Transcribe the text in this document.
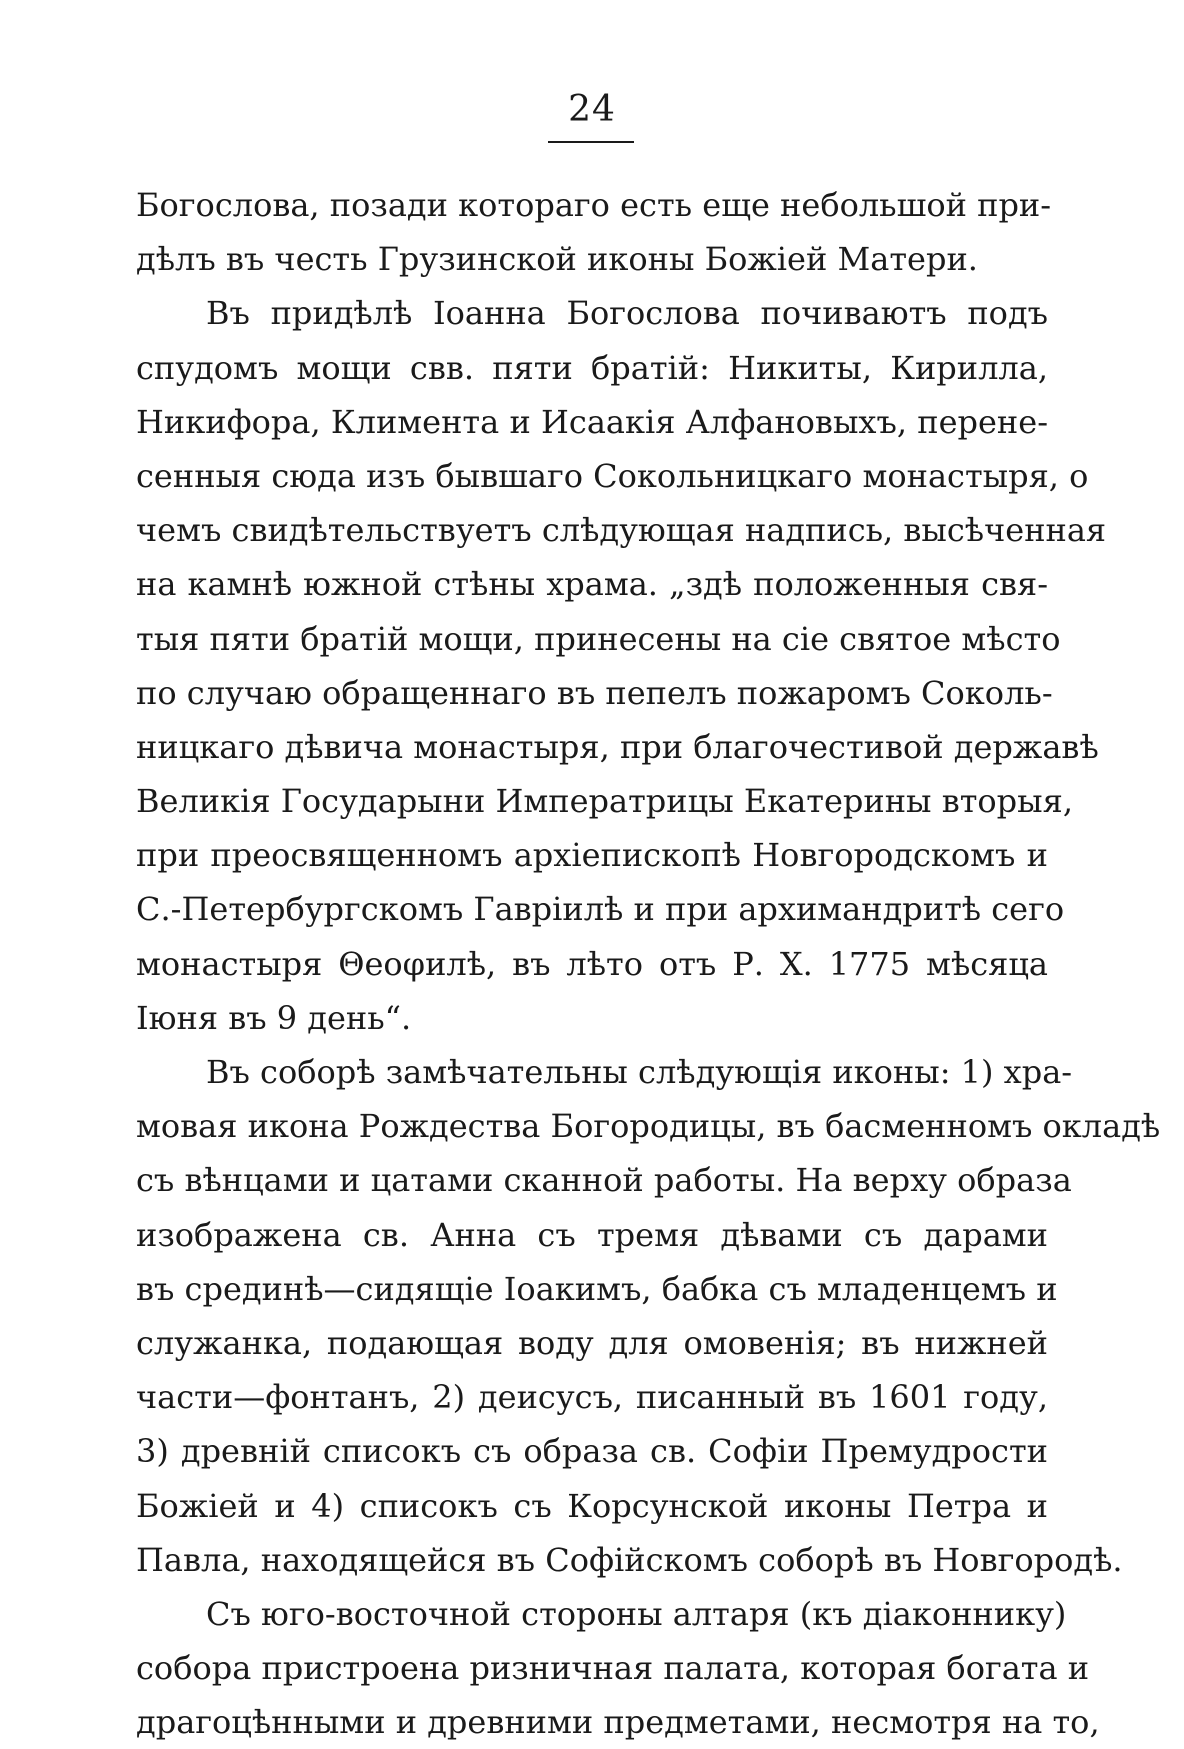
24
Богослова, позади котораго есть еще небольшой при-
дѣлъ въ честь Грузинской иконы Божіей Матери.
Въ придѣлѣ Іоанна Богослова почиваютъ подъ
спудомъ мощи свв. пяти братій: Никиты, Кирилла,
Никифора, Климента и Исаакія Алфановыхъ, перене-
сенныя сюда изъ бывшаго Сокольницкаго монастыря, о
чемъ свидѣтельствуетъ слѣдующая надпись, высѣченная
на камнѣ южной стѣны храма. „здѣ положенныя свя-
тыя пяти братій мощи, принесены на сіе святое мѣсто
по случаю обращеннаго въ пепелъ пожаромъ Соколь-
ницкаго дѣвича монастыря, при благочестивой державѣ
Великія Государыни Императрицы Екатерины вторыя,
при преосвященномъ архіепископѣ Новгородскомъ и
С.-Петербургскомъ Гавріилѣ и при архимандритѣ сего
монастыря Θеоφилѣ, въ лѣто отъ Р. Х. 1775 мѣсяца
Іюня въ 9 день“.
Въ соборѣ замѣчательны слѣдующія иконы: 1) хра-
мовая икона Рождества Богородицы, въ басменномъ окладѣ
съ вѣнцами и цатами сканной работы. На верху образа
изображена св. Анна съ тремя дѣвами съ дарами
въ срединѣ—сидящіе Іоакимъ, бабка съ младенцемъ и
служанка, подающая воду для омовенія; въ нижней
части—фонтанъ, 2) деисусъ, писанный въ 1601 году,
3) древній списокъ съ образа св. Софіи Премудрости
Божіей и 4) списокъ съ Корсунской иконы Петра и
Павла, находящейся въ Софійскомъ соборѣ въ Новгородѣ.
Съ юго-восточной стороны алтаря (къ діаконнику)
собора пристроена ризничная палата, которая богата и
драгоцѣнными и древними предметами, несмотря на то,
